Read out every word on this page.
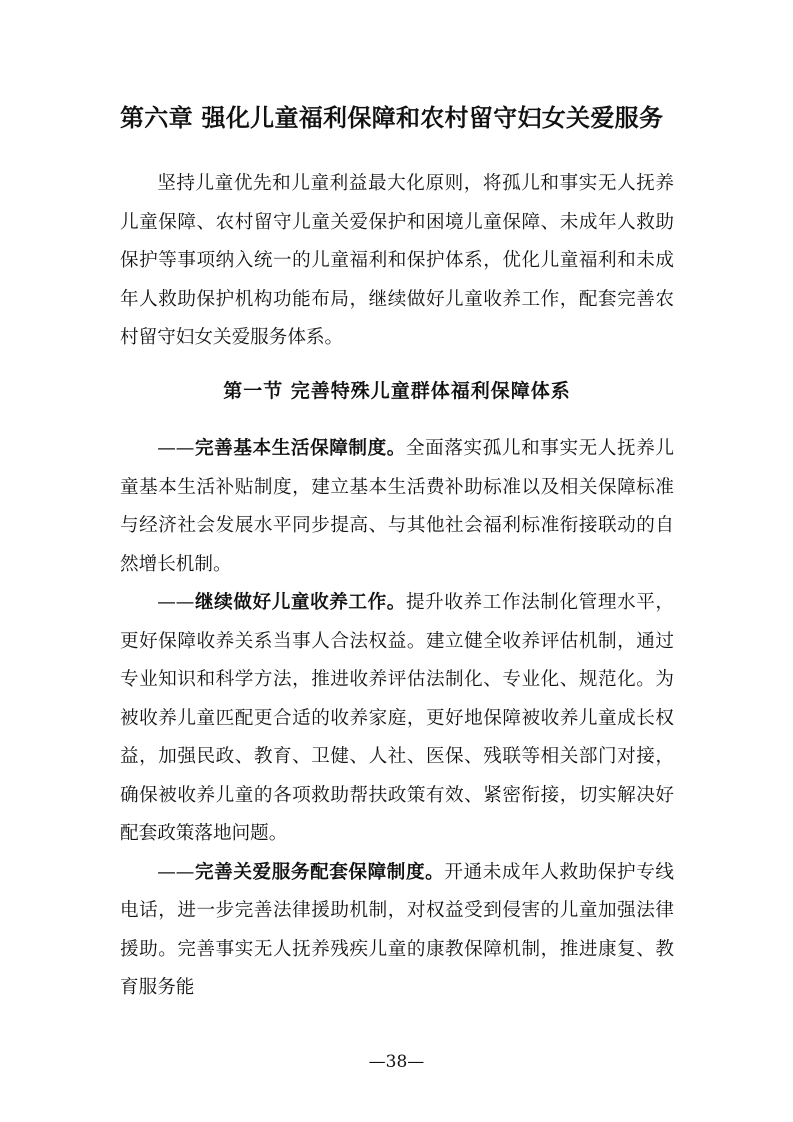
第六章 强化儿童福利保障和农村留守妇女关爱服务

坚持儿童优先和儿童利益最大化原则，将孤儿和事实无人抚养儿童保障、农村留守儿童关爱保护和困境儿童保障、未成年人救助保护等事项纳入统一的儿童福利和保护体系，优化儿童福利和未成年人救助保护机构功能布局，继续做好儿童收养工作，配套完善农村留守妇女关爱服务体系。

第一节 完善特殊儿童群体福利保障体系

——完善基本生活保障制度。全面落实孤儿和事实无人抚养儿童基本生活补贴制度，建立基本生活费补助标准以及相关保障标准与经济社会发展水平同步提高、与其他社会福利标准衔接联动的自然增长机制。

——继续做好儿童收养工作。提升收养工作法制化管理水平，更好保障收养关系当事人合法权益。建立健全收养评估机制，通过专业知识和科学方法，推进收养评估法制化、专业化、规范化。为被收养儿童匹配更合适的收养家庭，更好地保障被收养儿童成长权益，加强民政、教育、卫健、人社、医保、残联等相关部门对接，确保被收养儿童的各项救助帮扶政策有效、紧密衔接，切实解决好配套政策落地问题。

——完善关爱服务配套保障制度。开通未成年人救助保护专线电话，进一步完善法律援助机制，对权益受到侵害的儿童加强法律援助。完善事实无人抚养残疾儿童的康教保障机制，推进康复、教育服务能

—38—
